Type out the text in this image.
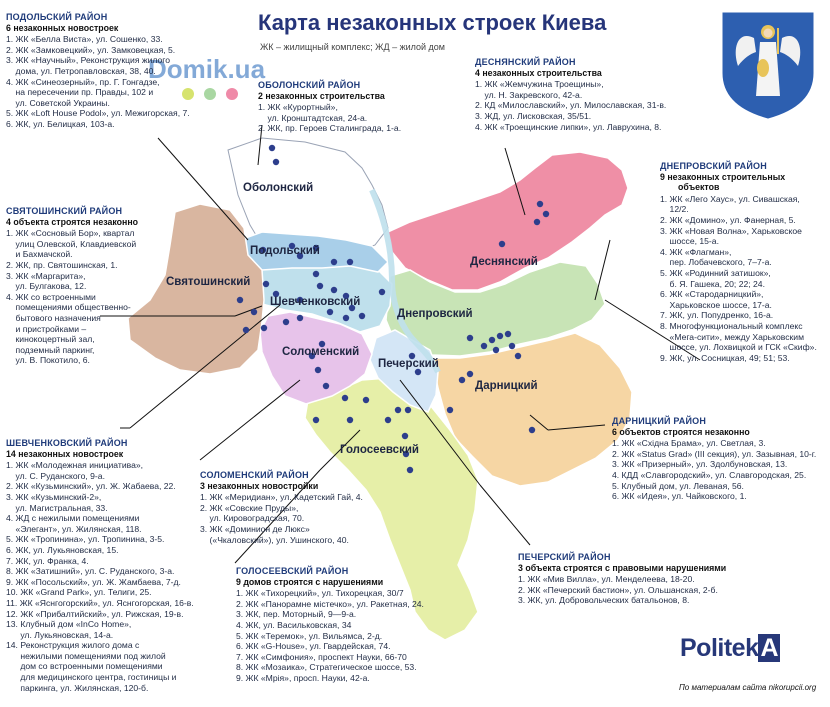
Карта незаконных строек Киева
ЖК – жилищный комплекс; ЖД – жилой дом
Domik.ua
Оболонский
Подольский
Деснянский
Святошинский
Шевченковский
Днепровский
Соломенский
Печерский
Дарницкий
Голосеевский
ПОДОЛЬСКИЙ РАЙОН
6 незаконных новостроек
1. ЖК «Белла Виста», ул. Сошенко, 33.
2. ЖК «Замковецкий», ул. Замковецкая, 5.
3. ЖК «Научный», Реконструкция жилого
дома, ул. Петропавловская, 38, 40.
4. ЖК «Синеозерный», пр. Г. Гонгадзе,
на пересечении пр. Правды, 102 и
ул. Советской Украины.
5. ЖК «Loft House Podol», ул. Межигорская, 7.
6. ЖК, ул. Белицкая, 103-а.
ОБОЛОНСКИЙ РАЙОН
2 незаконных строительства
1. ЖК «Курортный»,
ул. Кронштадтская, 24-а.
2. ЖК, пр. Героев Сталинграда, 1-а.
ДЕСНЯНСКИЙ РАЙОН
4 незаконных строительства
1. ЖК «Жемчужина Троещины»,
ул. Н. Закревского, 42-а.
2. КД «Милославский», ул. Милославская, 31-в.
3. ЖД, ул. Лисковская, 35/51.
4. ЖК «Троещинские липки», ул. Лаврухина, 8.
ДНЕПРОВСКИЙ РАЙОН
9 незаконных строительных
объектов
1. ЖК «Лего Хаус», ул. Сивашская,
12/2.
2. ЖК «Домино», ул. Фанерная, 5.
3. ЖК «Новая Волна», Харьковское
шоссе, 15-а.
4. ЖК «Флагман»,
пер. Лобачевского, 7–7-а.
5. ЖК «Родинний затишок»,
б. Я. Гашека, 20; 22; 24.
6. ЖК «Стародарницкий»,
Харьковское шоссе, 17-а.
7. ЖК, ул. Попудренко, 16-а.
8. Многофункциональный комплекс
«Мега-сити», между Харьковским
шоссе, ул. Лохвицкой и ГСК «Скиф».
9. ЖК, ул. Сосницкая, 49; 51; 53.
СВЯТОШИНСКИЙ РАЙОН
4 объекта строятся незаконно
1. ЖК «Сосновый Бор», квартал
улиц Олевской, Клавдиевской
и Бахмачской.
2. ЖК, пр. Святошинская, 1.
3. ЖК «Маргарита»,
ул. Булгакова, 12.
4. ЖК со встроенными
помещениями общественно-
бытового назначения
и пристройками –
кинокоцертный зал,
подземный паркинг,
ул. В. Покотило, 6.
ДАРНИЦКИЙ РАЙОН
6 объектов строятся незаконно
1. ЖК «Східна Брама», ул. Светлая, 3.
2. ЖК «Status Grad» (III секция), ул. Зазывная, 10-г.
3. ЖК «Призерный», ул. Здолбуновская, 13.
4. КДД «Славгородский», ул. Славгородская, 25.
5. Клубный дом, ул. Леваная, 56.
6. ЖК «Идея», ул. Чайковского, 1.
ШЕВЧЕНКОВСКИЙ РАЙОН
14 незаконных новостроек
1. ЖК «Молодежная инициатива»,
ул. С. Руданского, 9-а.
2. ЖК «Кузьминский», ул. Ж. Жабаева, 22.
3. ЖК «Кузьминский-2»,
ул. Магистральная, 33.
4. ЖД с нежилыми помещениями
«Элегант», ул. Жилянская, 118.
5. ЖК «Тропинина», ул. Тропинина, 3-5.
6. ЖК, ул. Лукьяновская, 15.
7. ЖК, ул. Франка, 4.
8. ЖК «Затишний», ул. С. Руданского, 3-а.
9. ЖК «Посольский», ул. Ж. Жамбаева, 7-д.
10. ЖК «Grand Park», ул. Телиги, 25.
11. ЖК «Яснгогорский», ул. Яснгогорская, 16-в.
12. ЖК «Прибалтийский», ул. Рижская, 19-в.
13. Клубный дом «InCo Home»,
ул. Лукьяновская, 14-а.
14. Реконструкция жилого дома с
нежилыми помещениями под жилой
дом со встроенными помещениями
для медицинского центра, гостиницы и
паркинга, ул. Жилянская, 120-б.
СОЛОМЕНСКИЙ РАЙОН
3 незаконных новостройки
1. ЖК «Меридиан», ул. Кадетский Гай, 4.
2. ЖК «Совские Пруды»,
ул. Кировоградская, 70.
3. ЖК «Доминион де Люкс»
(«Чкаловский»), ул. Ушинского, 40.
ПЕЧЕРСКИЙ РАЙОН
3 объекта строятся с правовыми нарушениями
1. ЖК «Мив Вилла», ул. Менделеева, 18-20.
2. ЖК «Печерский бастион», ул. Ольшанская, 2-б.
3. ЖК, ул. Добровольческих батальонов, 8.
ГОЛОСЕЕВСКИЙ РАЙОН
9 домов строятся с нарушениями
1. ЖК «Тихорецкий», ул. Тихорецкая, 30/7
2. ЖК «Панорамне містечко», ул. Ракетная, 24.
3. ЖК, пер. Моторный, 9—9-а.
4. ЖК, ул. Васильковская, 34
5. ЖК «Теремок», ул. Вильямса, 2-д.
6. ЖК «G-House», ул. Гвардейская, 74.
7. ЖК «Симфония», проспект Науки, 66-70
8. ЖК «Мозаика», Стратегическое шоссе, 53.
9. ЖК «Мрія», просп. Науки, 42-а.
PolitekA
По материалам сайта nikorupcii.org
